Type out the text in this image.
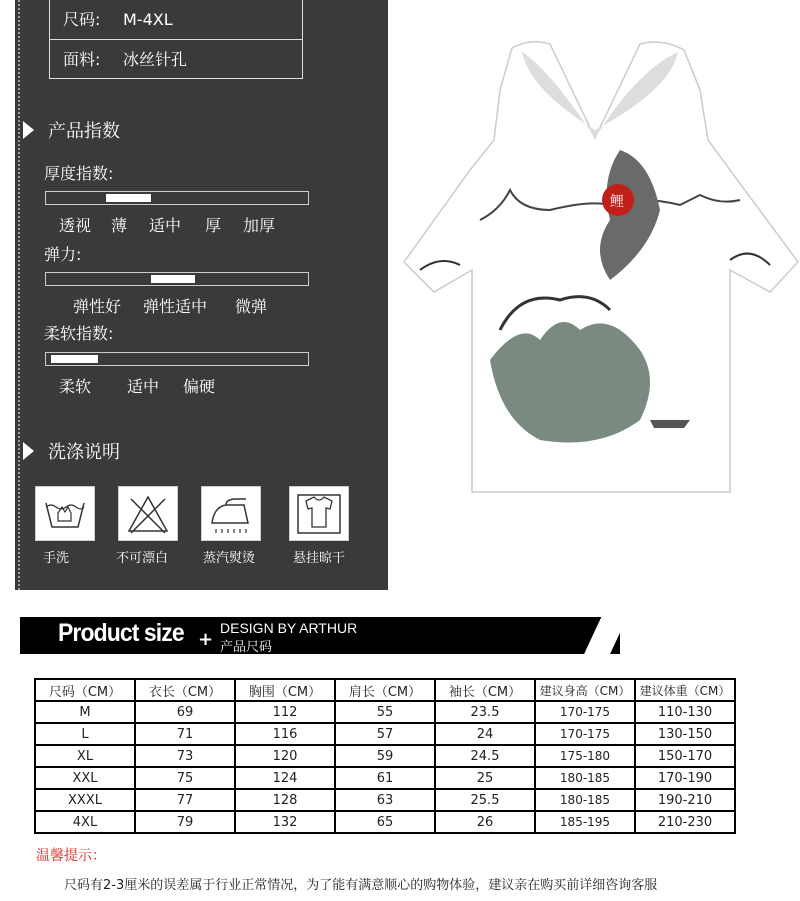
尺码: M-4XL
面料: 冰丝针孔
产品指数
厚度指数:
透视 薄 适中 厚 加厚
弹力:
弹性好 弹性适中 微弹
柔软指数:
柔软 适中 偏硬
洗涤说明
手洗	不可漂白	蒸汽熨烫	悬挂晾干
鲤
Product size +
DESIGN BY ARTHUR
产品尺码
尺码（CM）	衣长（CM）	胸围（CM）	肩长（CM）	袖长（CM）	建议身高（CM）	建议体重（CM）
M	69	112	55	23.5	170-175	110-130
L	71	116	57	24	170-175	130-150
XL	73	120	59	24.5	175-180	150-170
XXL	75	124	61	25	180-185	170-190
XXXL	77	128	63	25.5	180-185	190-210
4XL	79	132	65	26	185-195	210-230
温馨提示：
尺码有2-3厘米的误差属于行业正常情况，为了能有满意顺心的购物体验，建议亲在购买前详细咨询客服
